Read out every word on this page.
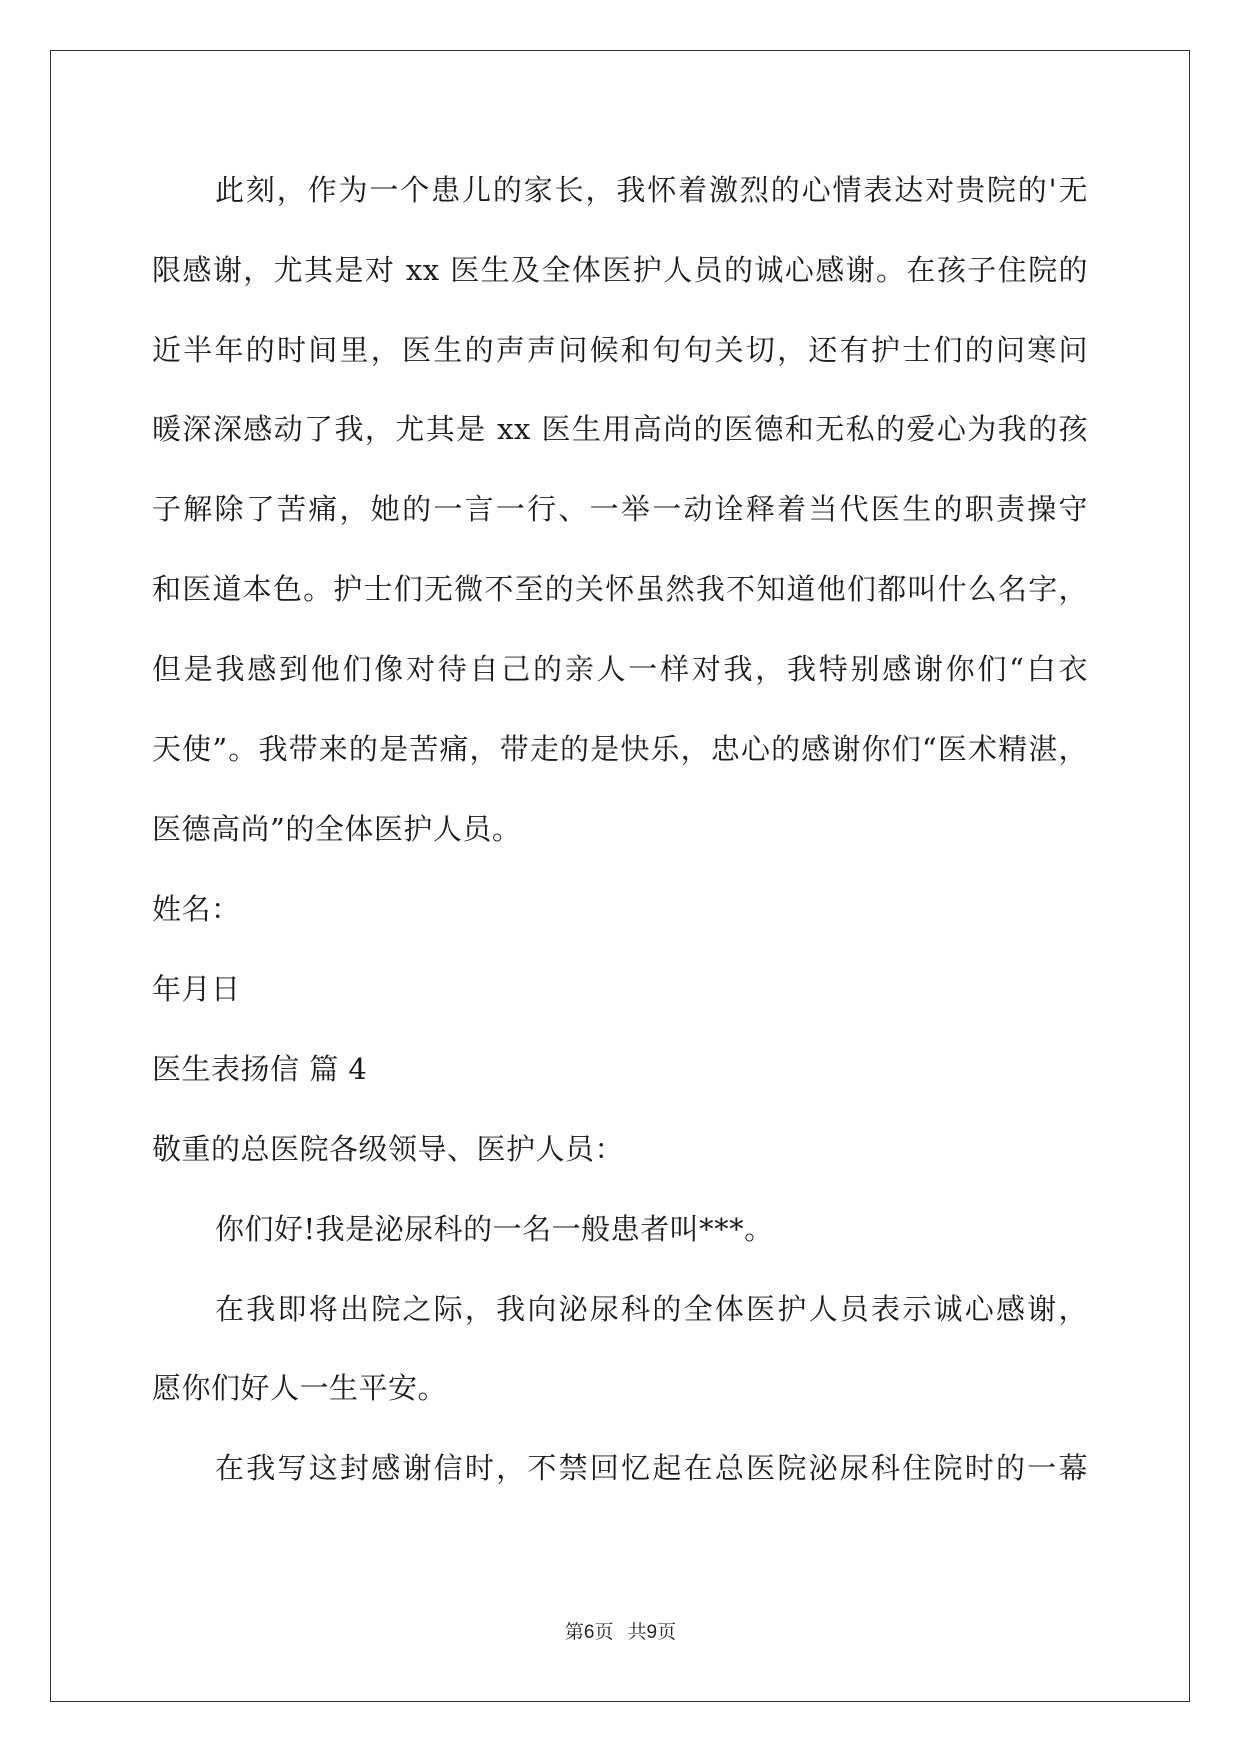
此刻，作为一个患儿的家长，我怀着激烈的心情表达对贵院的'无
限感谢，尤其是对 xx 医生及全体医护人员的诚心感谢。在孩子住院的
近半年的时间里，医生的声声问候和句句关切，还有护士们的问寒问
暖深深感动了我，尤其是 xx 医生用高尚的医德和无私的爱心为我的孩
子解除了苦痛，她的一言一行、一举一动诠释着当代医生的职责操守
和医道本色。护士们无微不至的关怀虽然我不知道他们都叫什么名字，
但是我感到他们像对待自己的亲人一样对我，我特别感谢你们“白衣
天使”。我带来的是苦痛，带走的是快乐，忠心的感谢你们“医术精湛，
医德高尚”的全体医护人员。
姓名：
年月日
医生表扬信 篇 4
敬重的总医院各级领导、医护人员：
你们好!我是泌尿科的一名一般患者叫***。
在我即将出院之际，我向泌尿科的全体医护人员表示诚心感谢，
愿你们好人一生平安。
在我写这封感谢信时，不禁回忆起在总医院泌尿科住院时的一幕
第6页 共9页
